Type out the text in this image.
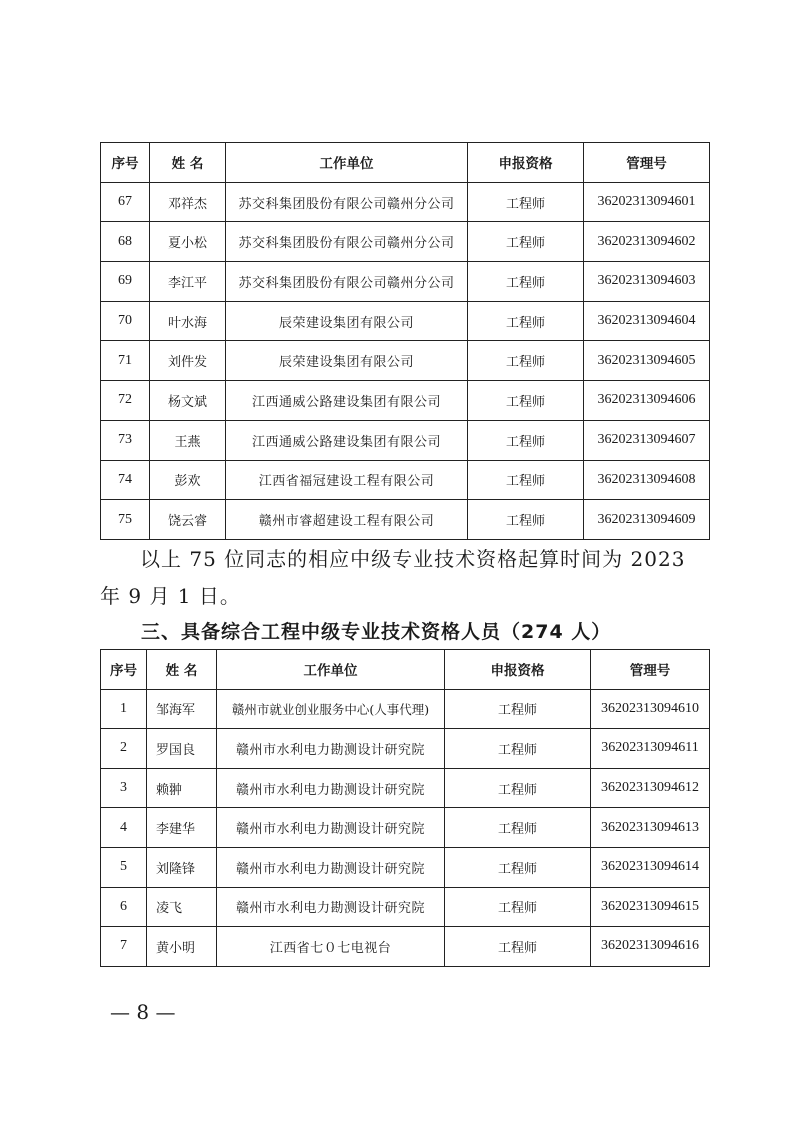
序号	姓 名	工作单位	申报资格	管理号
67	邓祥杰	苏交科集团股份有限公司赣州分公司	工程师	36202313094601
68	夏小松	苏交科集团股份有限公司赣州分公司	工程师	36202313094602
69	李江平	苏交科集团股份有限公司赣州分公司	工程师	36202313094603
70	叶水海	辰荣建设集团有限公司	工程师	36202313094604
71	刘件发	辰荣建设集团有限公司	工程师	36202313094605
72	杨文斌	江西通威公路建设集团有限公司	工程师	36202313094606
73	王燕	江西通威公路建设集团有限公司	工程师	36202313094607
74	彭欢	江西省福冠建设工程有限公司	工程师	36202313094608
75	饶云睿	赣州市睿超建设工程有限公司	工程师	36202313094609
以上 75 位同志的相应中级专业技术资格起算时间为 2023 年 9 月 1 日。
三、具备综合工程中级专业技术资格人员（274 人）
序号	姓 名	工作单位	申报资格	管理号
1	邹海军	赣州市就业创业服务中心(人事代理)	工程师	36202313094610
2	罗国良	赣州市水利电力勘测设计研究院	工程师	36202313094611
3	赖翀	赣州市水利电力勘测设计研究院	工程师	36202313094612
4	李建华	赣州市水利电力勘测设计研究院	工程师	36202313094613
5	刘隆锋	赣州市水利电力勘测设计研究院	工程师	36202313094614
6	凌飞	赣州市水利电力勘测设计研究院	工程师	36202313094615
7	黄小明	江西省七０七电视台	工程师	36202313094616
— 8 —
